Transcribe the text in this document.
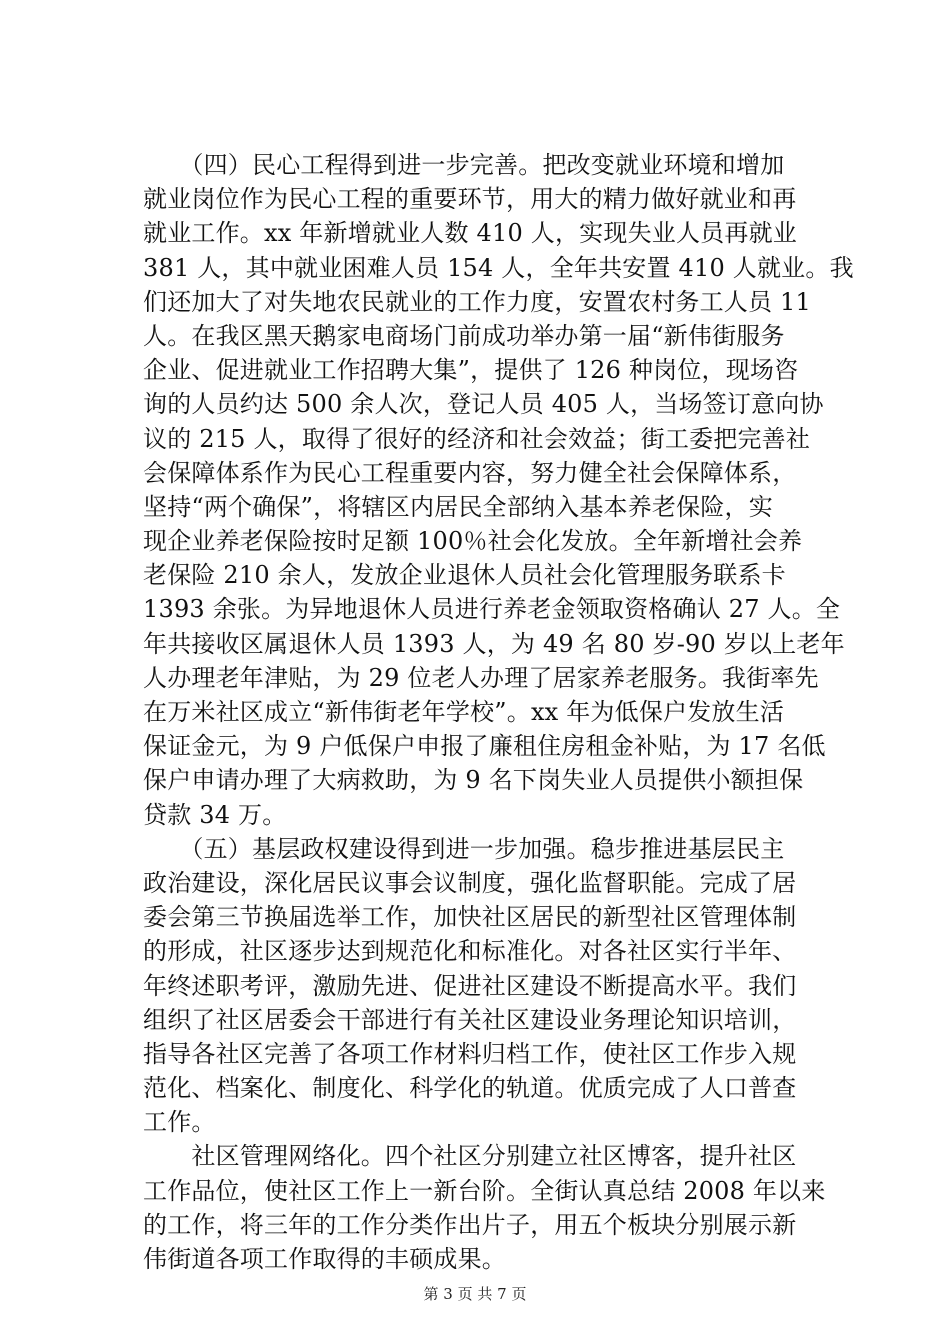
　　（四）民心工程得到进一步完善。把改变就业环境和增加
就业岗位作为民心工程的重要环节，用大的精力做好就业和再
就业工作。xx 年新增就业人数 410 人，实现失业人员再就业
381 人，其中就业困难人员 154 人，全年共安置 410 人就业。我
们还加大了对失地农民就业的工作力度，安置农村务工人员 11
人。在我区黑天鹅家电商场门前成功举办第一届“新伟街服务
企业、促进就业工作招聘大集”，提供了 126 种岗位，现场咨
询的人员约达 500 余人次，登记人员 405 人，当场签订意向协
议的 215 人，取得了很好的经济和社会效益；街工委把完善社
会保障体系作为民心工程重要内容，努力健全社会保障体系，
坚持“两个确保”，将辖区内居民全部纳入基本养老保险，实
现企业养老保险按时足额 100％社会化发放。全年新增社会养
老保险 210 余人，发放企业退休人员社会化管理服务联系卡
1393 余张。为异地退休人员进行养老金领取资格确认 27 人。全
年共接收区属退休人员 1393 人，为 49 名 80 岁-90 岁以上老年
人办理老年津贴，为 29 位老人办理了居家养老服务。我街率先
在万米社区成立“新伟街老年学校”。xx 年为低保户发放生活
保证金元，为 9 户低保户申报了廉租住房租金补贴，为 17 名低
保户申请办理了大病救助，为 9 名下岗失业人员提供小额担保
贷款 34 万。
　　（五）基层政权建设得到进一步加强。稳步推进基层民主
政治建设，深化居民议事会议制度，强化监督职能。完成了居
委会第三节换届选举工作，加快社区居民的新型社区管理体制
的形成，社区逐步达到规范化和标准化。对各社区实行半年、
年终述职考评，激励先进、促进社区建设不断提高水平。我们
组织了社区居委会干部进行有关社区建设业务理论知识培训，
指导各社区完善了各项工作材料归档工作，使社区工作步入规
范化、档案化、制度化、科学化的轨道。优质完成了人口普查
工作。
　　社区管理网络化。四个社区分别建立社区博客，提升社区
工作品位，使社区工作上一新台阶。全街认真总结 2008 年以来
的工作，将三年的工作分类作出片子，用五个板块分别展示新
伟街道各项工作取得的丰硕成果。
第 3 页 共 7 页
